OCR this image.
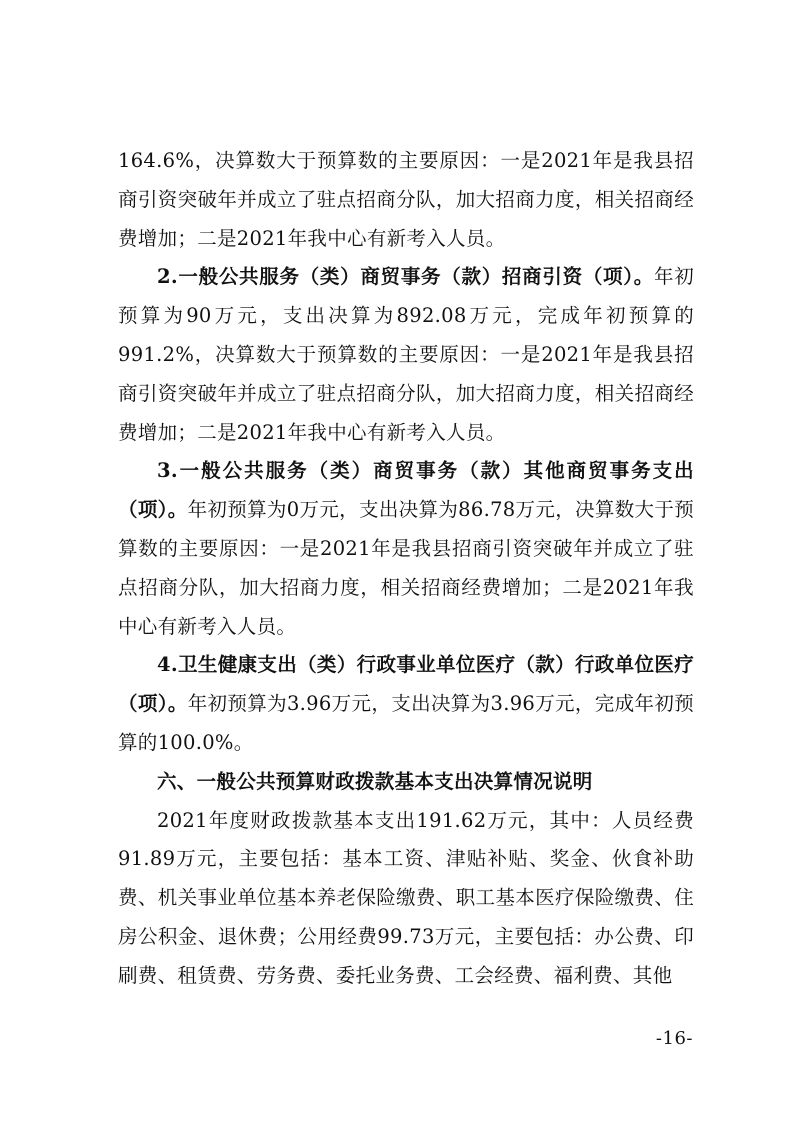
164.6%，决算数大于预算数的主要原因：一是2021年是我县招商引资突破年并成立了驻点招商分队，加大招商力度，相关招商经费增加；二是2021年我中心有新考入人员。

2.一般公共服务（类）商贸事务（款）招商引资（项）。年初预算为90万元，支出决算为892.08万元，完成年初预算的991.2%，决算数大于预算数的主要原因：一是2021年是我县招商引资突破年并成立了驻点招商分队，加大招商力度，相关招商经费增加；二是2021年我中心有新考入人员。

3.一般公共服务（类）商贸事务（款）其他商贸事务支出（项）。年初预算为0万元，支出决算为86.78万元，决算数大于预算数的主要原因：一是2021年是我县招商引资突破年并成立了驻点招商分队，加大招商力度，相关招商经费增加；二是2021年我中心有新考入人员。

4.卫生健康支出（类）行政事业单位医疗（款）行政单位医疗（项）。年初预算为3.96万元，支出决算为3.96万元，完成年初预算的100.0%。

六、一般公共预算财政拨款基本支出决算情况说明

2021年度财政拨款基本支出191.62万元，其中：人员经费91.89万元，主要包括：基本工资、津贴补贴、奖金、伙食补助费、机关事业单位基本养老保险缴费、职工基本医疗保险缴费、住房公积金、退休费；公用经费99.73万元，主要包括：办公费、印刷费、租赁费、劳务费、委托业务费、工会经费、福利费、其他

-16-
